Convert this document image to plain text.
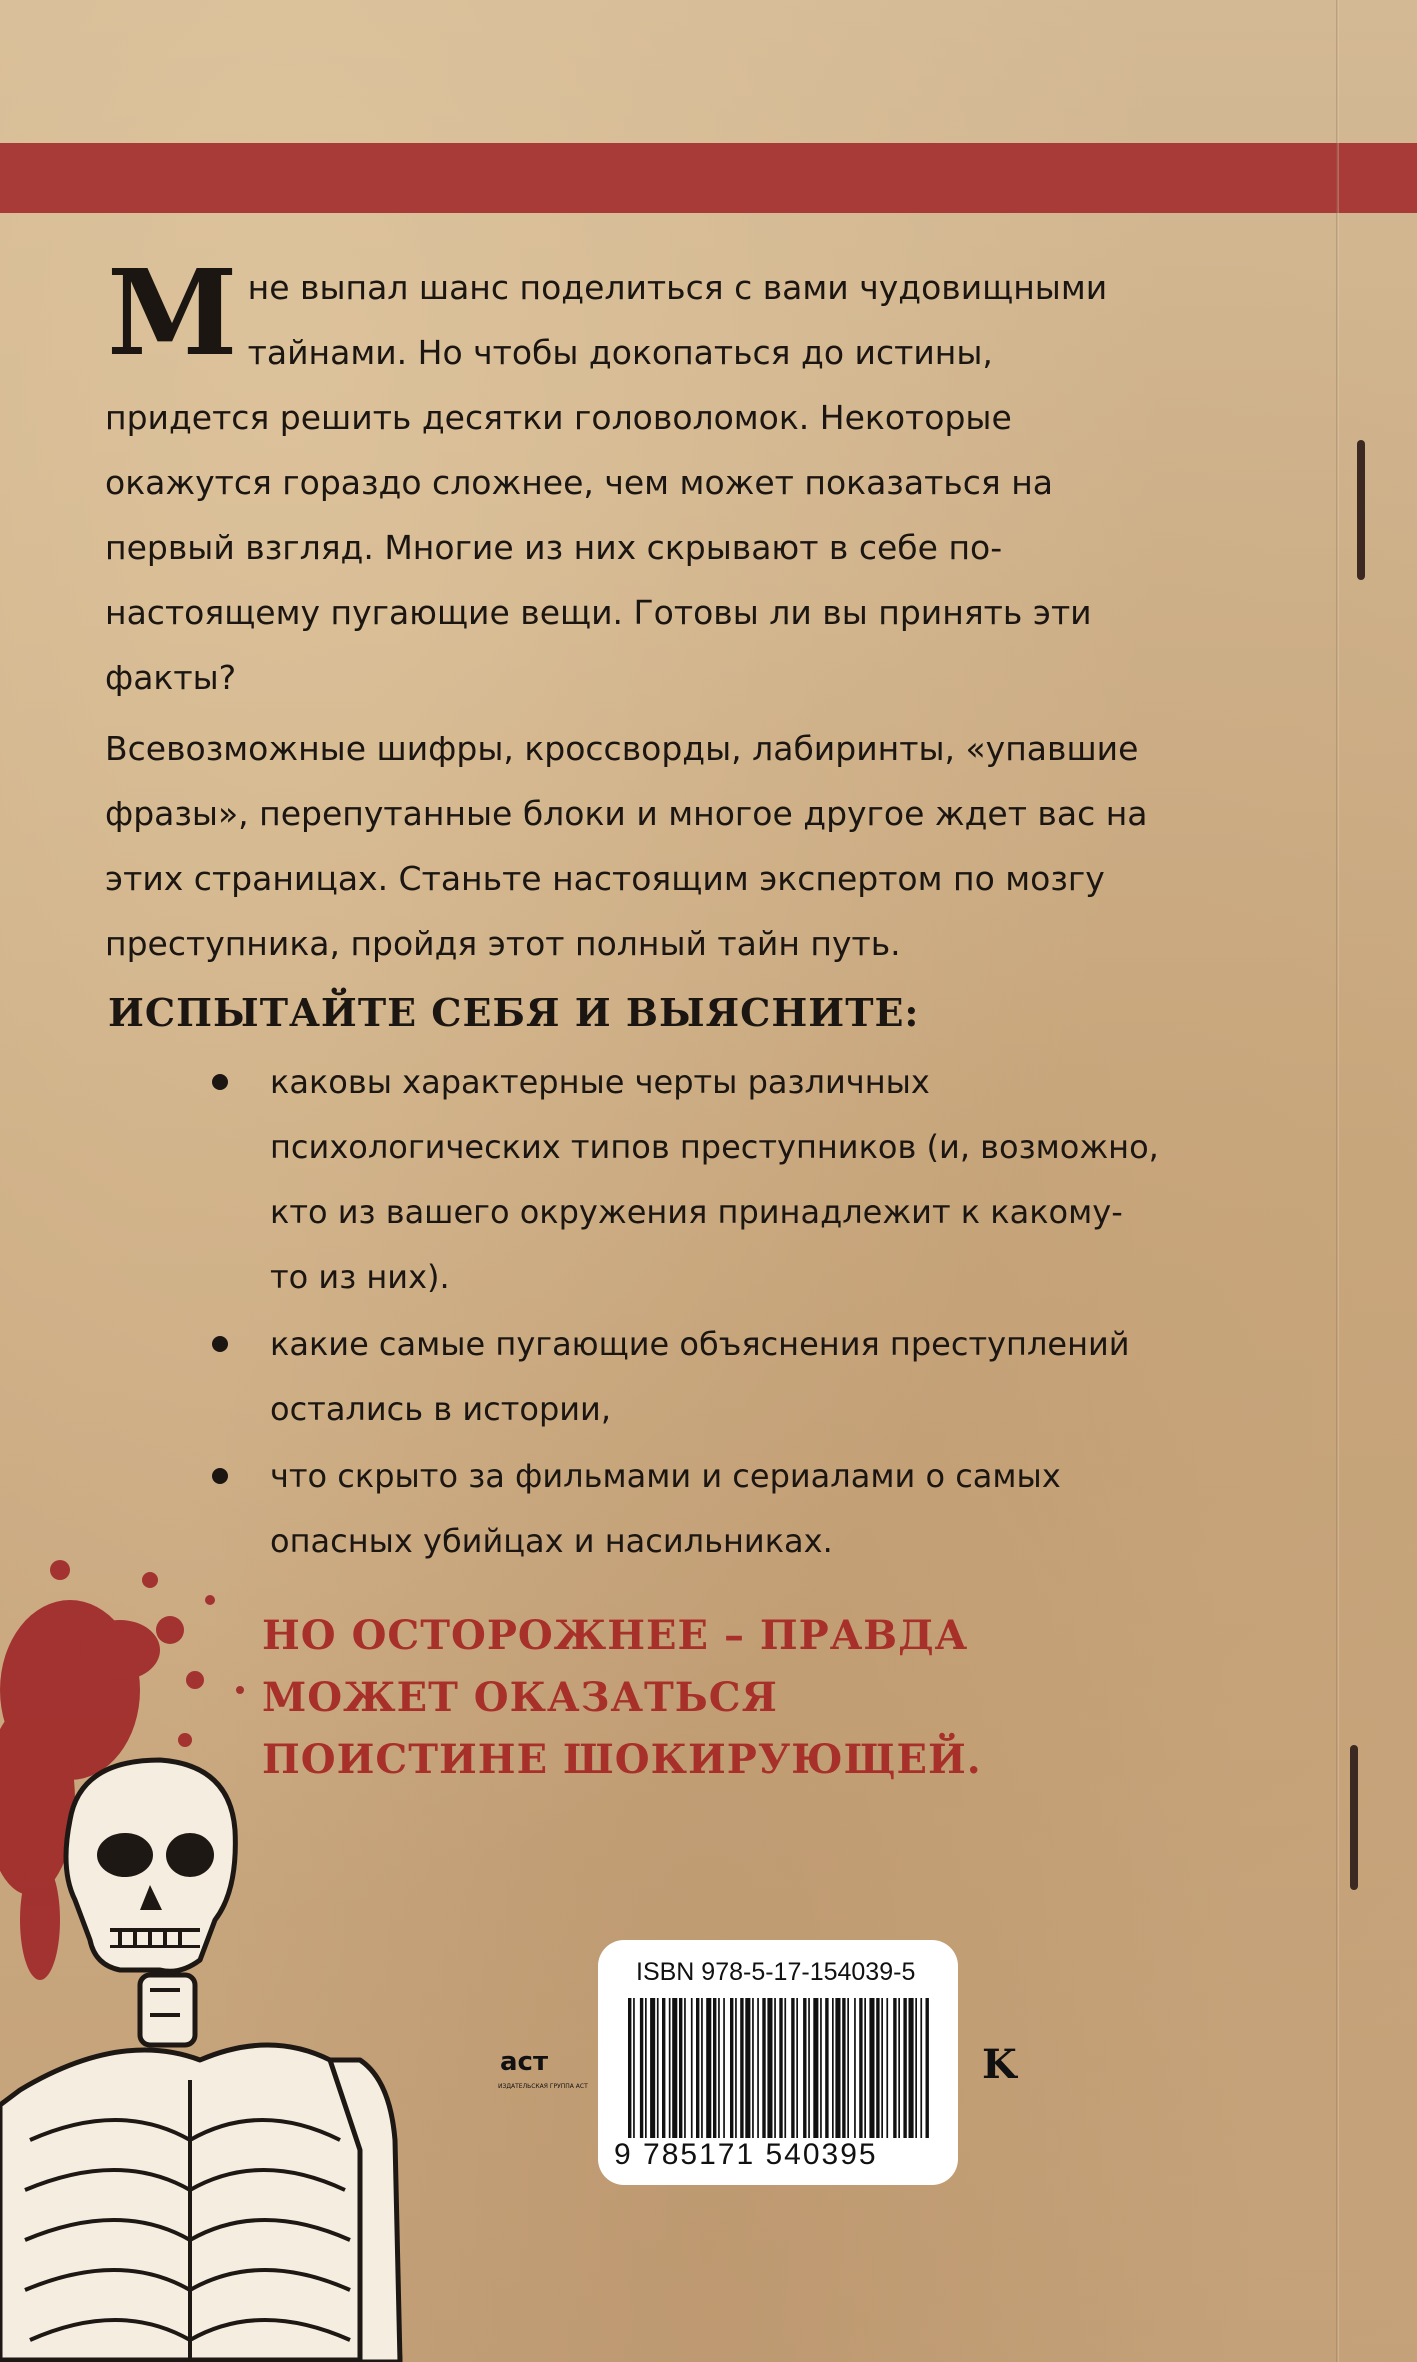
Мне выпал шанс поделиться с вами чудовищными тайнами. Но чтобы докопаться до истины, придется решить десятки головоломок. Некоторые окажутся гораздо сложнее, чем может показаться на первый взгляд. Многие из них скрывают в себе по-настоящему пугающие вещи. Готовы ли вы принять эти факты?

Всевозможные шифры, кроссворды, лабиринты, «упавшие фразы», перепутанные блоки и многое другое ждет вас на этих страницах. Станьте настоящим экспертом по мозгу преступника, пройдя этот полный тайн путь.

ИСПЫТАЙТЕ СЕБЯ И ВЫЯСНИТЕ:
каковы характерные черты различных психологических типов преступников (и, возможно, кто из вашего окружения принадлежит к какому-то из них).
какие самые пугающие объяснения преступлений остались в истории,
что скрыто за фильмами и сериалами о самых опасных убийцах и насильниках.

НО ОСТОРОЖНЕЕ – ПРАВДА МОЖЕТ ОКАЗАТЬСЯ ПОИСТИНЕ ШОКИРУЮЩЕЙ.

аст
ИЗДАТЕЛЬСКАЯ ГРУППА АСТ	K
ISBN 978-5-17-154039-5
9 785171 540395
